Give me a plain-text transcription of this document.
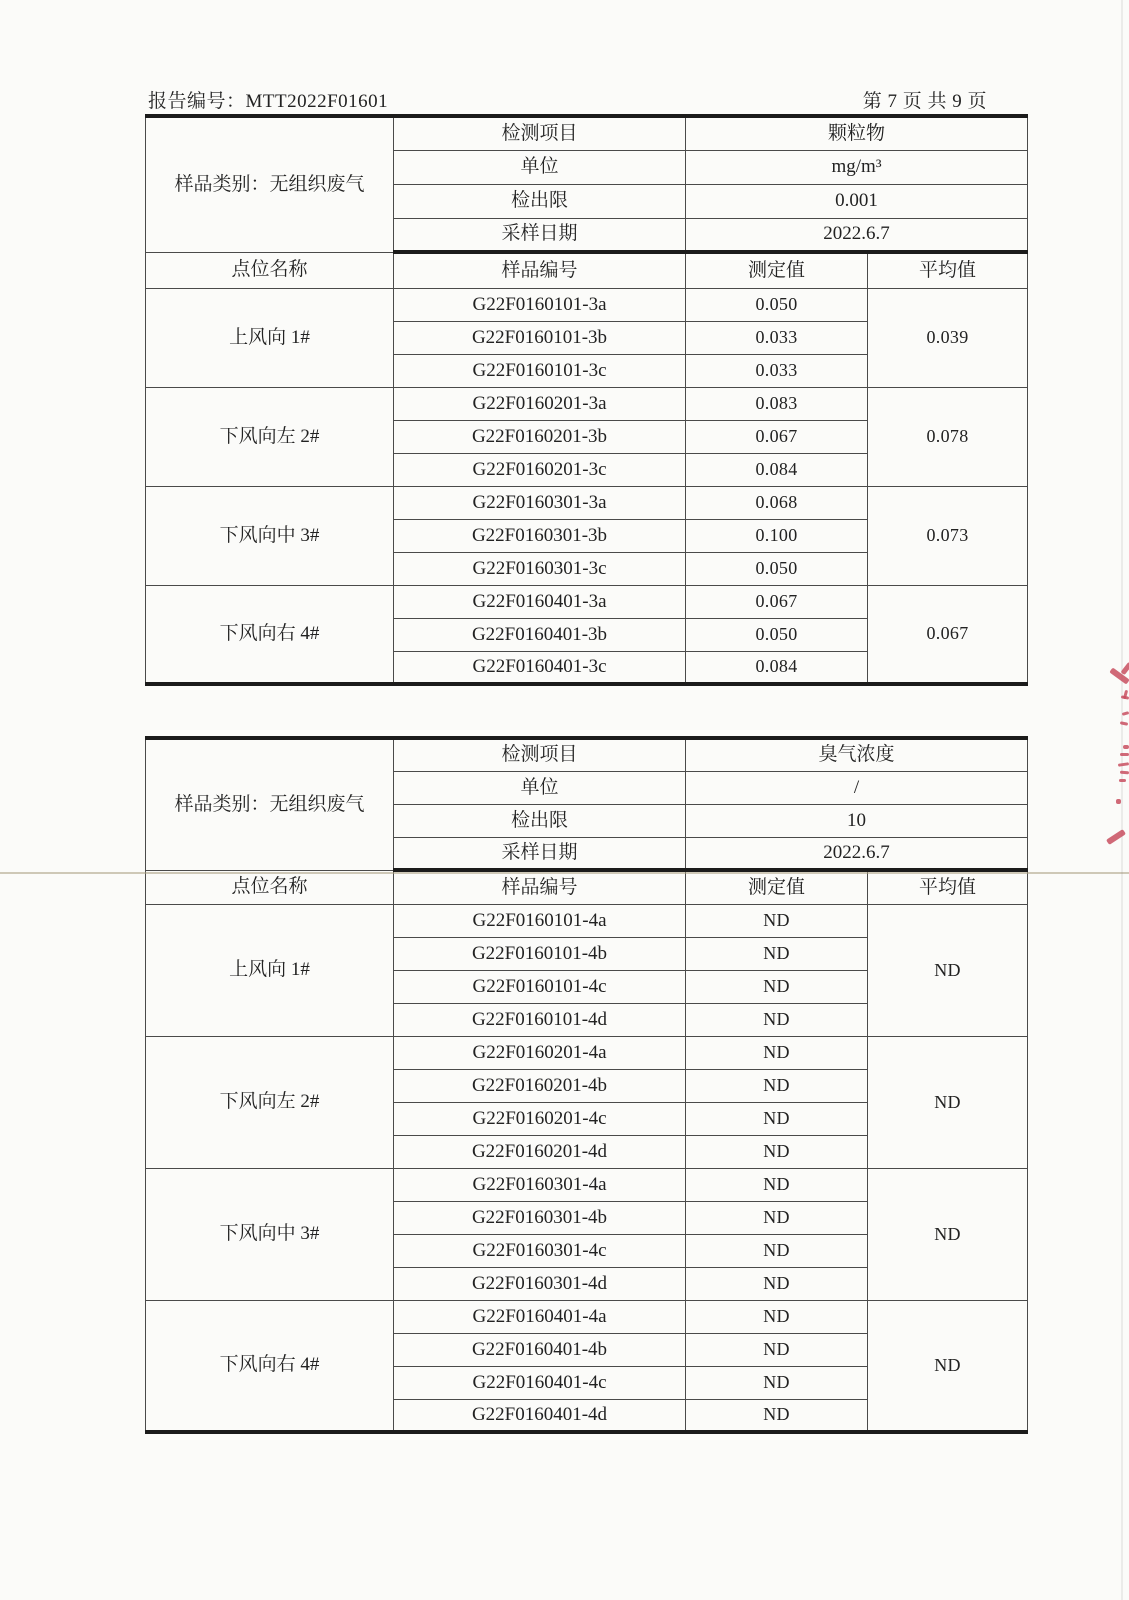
报告编号：MTT2022F01601	第 7 页 共 9 页
样品类别：无组织废气	检测项目	颗粒物	
	单位	mg/m³	
	检出限	0.001	
	采样日期	2022.6.7	
点位名称	样品编号	测定值	平均值
上风向 1#	G22F0160101-3a	0.050	0.039
	G22F0160101-3b	0.033	
	G22F0160101-3c	0.033	
下风向左 2#	G22F0160201-3a	0.083	0.078
	G22F0160201-3b	0.067	
	G22F0160201-3c	0.084	
下风向中 3#	G22F0160301-3a	0.068	0.073
	G22F0160301-3b	0.100	
	G22F0160301-3c	0.050	
下风向右 4#	G22F0160401-3a	0.067	0.067
	G22F0160401-3b	0.050	
	G22F0160401-3c	0.084	
样品类别：无组织废气	检测项目	臭气浓度	
	单位	/	
	检出限	10	
	采样日期	2022.6.7	
点位名称	样品编号	测定值	平均值
上风向 1#	G22F0160101-4a	ND	ND
	G22F0160101-4b	ND	
	G22F0160101-4c	ND	
	G22F0160101-4d	ND	
下风向左 2#	G22F0160201-4a	ND	ND
	G22F0160201-4b	ND	
	G22F0160201-4c	ND	
	G22F0160201-4d	ND	
下风向中 3#	G22F0160301-4a	ND	ND
	G22F0160301-4b	ND	
	G22F0160301-4c	ND	
	G22F0160301-4d	ND	
下风向右 4#	G22F0160401-4a	ND	ND
	G22F0160401-4b	ND	
	G22F0160401-4c	ND	
	G22F0160401-4d	ND	
